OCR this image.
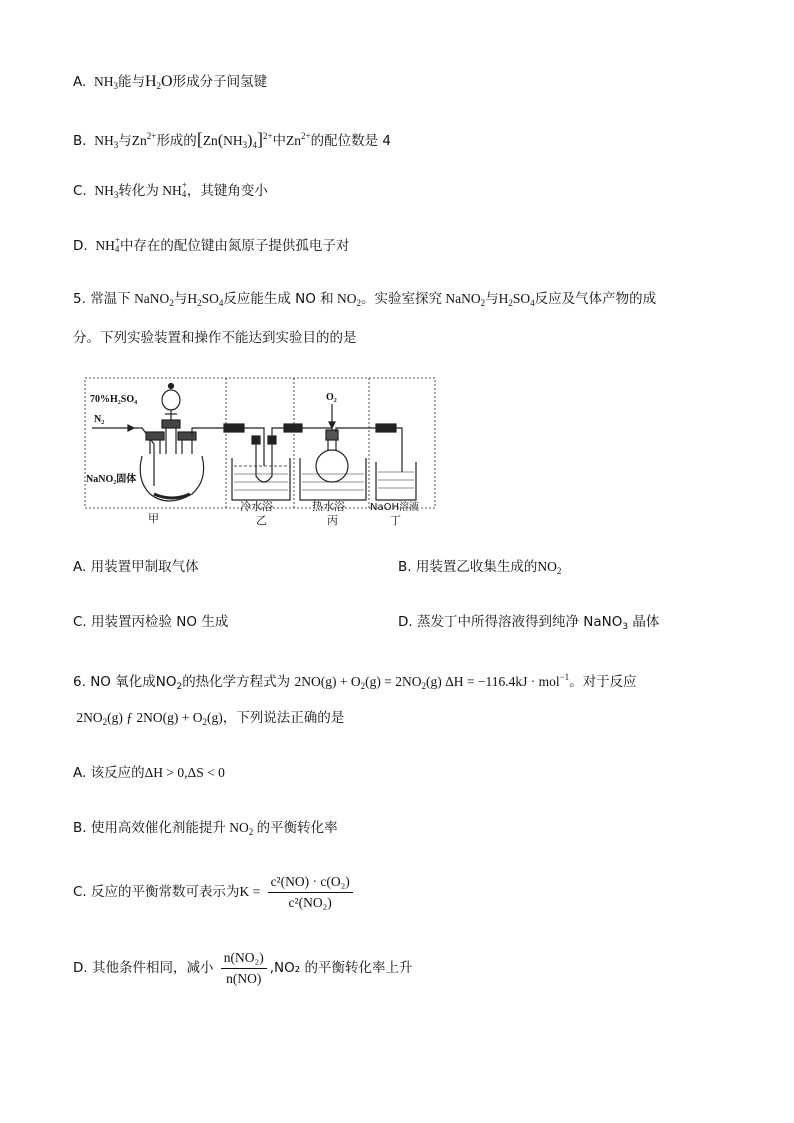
A.  $NH_3$能与$H_2O$形成分子间氢键
B.  $NH_3$与$Zn^{2+}$形成的$[Zn(NH_3)_4]^{2+}$中$Zn^{2+}$的配位数是 4
C.  $NH_3$转化为 NH+
4，其键角变小
D.  NH+
4中存在的配位键由氮原子提供孤电子对
5. 常温下 NaNO$_2$与$H_2SO_4$反应能生成 NO 和 $NO_2$。实验室探究 NaNO$_2$与$H_2SO_4$反应及气体产物的成
分。下列实验装置和操作不能达到实验目的的是
70%H₂SO₄
N₂
NaNO₂固体
O₂
冷水浴	热水浴	NaOH溶液
甲	乙	丙	丁
A. 用装置甲制取气体	B. 用装置乙收集生成的$NO_2$
C. 用装置丙检验 NO 生成	D. 蒸发丁中所得溶液得到纯净 NaNO$_3$ 晶体
6. NO 氧化成$NO_2$的热化学方程式为 $2NO(g) + O_2(g) = 2NO_2(g) \Delta H = -116.4kJ \cdot mol^{-1}$。对于反应
$2NO_2(g)$ ƒ $2NO(g) + O_2(g)$，下列说法正确的是
A. 该反应的ΔH > 0,ΔS < 0
B. 使用高效催化剂能提升 $NO_2$ 的平衡转化率
C. 反应的平衡常数可表示为$K = \frac{\text{c²(NO) · c(O₂)}}{\text{c²(NO₂)}}$
D. 其他条件相同，减小 $\frac{\text{n(NO₂)}}{n(NO)} ,NO_2$ 的平衡转化率上升
